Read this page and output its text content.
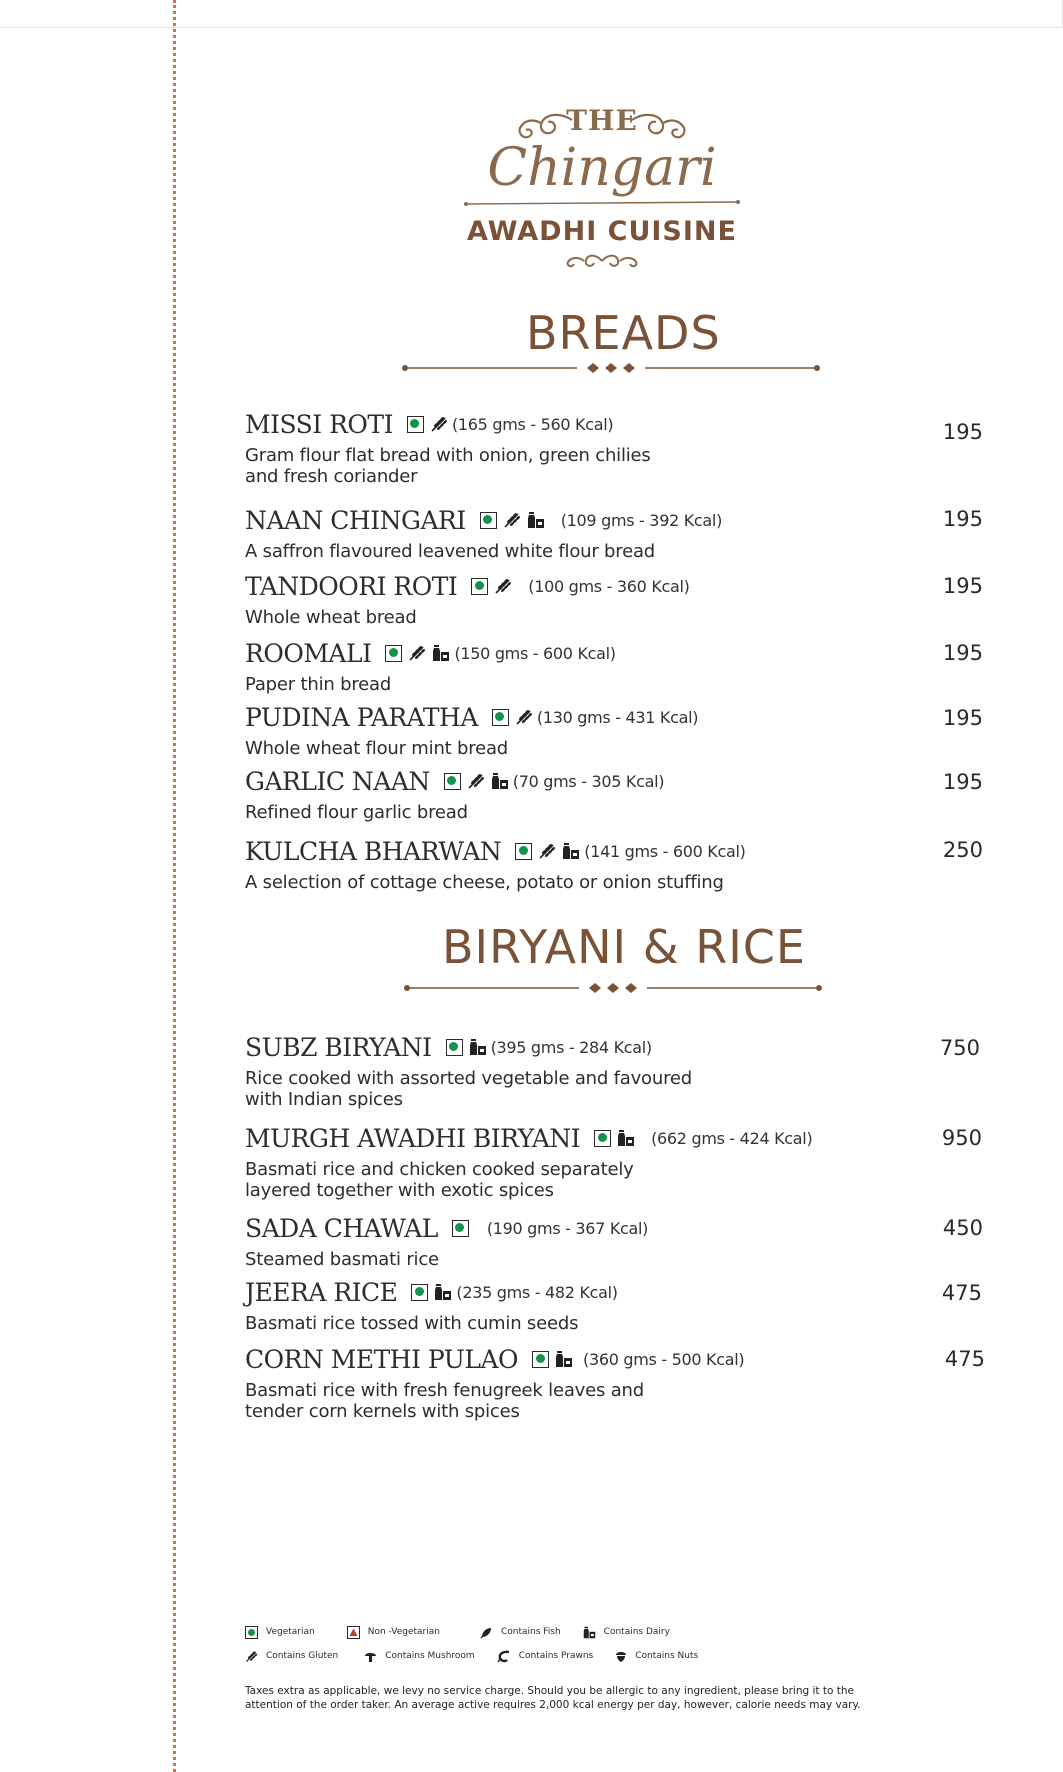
THE
Chingari
AWADHI CUISINE
BREADS
MISSI ROTI	(165 gms - 560 Kcal)
Gram flour flat bread with onion, green chilies
and fresh coriander
195
NAAN CHINGARI	(109 gms - 392 Kcal)
A saffron flavoured leavened white flour bread
195
TANDOORI ROTI	(100 gms - 360 Kcal)
Whole wheat bread
195
ROOMALI	(150 gms - 600 Kcal)
Paper thin bread
195
PUDINA PARATHA	(130 gms - 431 Kcal)
Whole wheat flour mint bread
195
GARLIC NAAN	(70 gms - 305 Kcal)
Refined flour garlic bread
195
KULCHA BHARWAN	(141 gms - 600 Kcal)
A selection of cottage cheese, potato or onion stuffing
250
BIRYANI & RICE
SUBZ BIRYANI	(395 gms - 284 Kcal)
Rice cooked with assorted vegetable and favoured
with Indian spices
750
MURGH AWADHI BIRYANI	(662 gms - 424 Kcal)
Basmati rice and chicken cooked separately
layered together with exotic spices
950
SADA CHAWAL	(190 gms - 367 Kcal)
Steamed basmati rice
450
JEERA RICE	(235 gms - 482 Kcal)
Basmati rice tossed with cumin seeds
475
CORN METHI PULAO	(360 gms - 500 Kcal)
Basmati rice with fresh fenugreek leaves and
tender corn kernels with spices
475
Vegetarian	Non -Vegetarian	Contains Fish	Contains Dairy
Contains Gluten	Contains Mushroom	Contains Prawns	Contains Nuts
Taxes extra as applicable, we levy no service charge. Should you be allergic to any ingredient, please bring it to the
attention of the order taker. An average active requires 2,000 kcal energy per day, however, calorie needs may vary.
